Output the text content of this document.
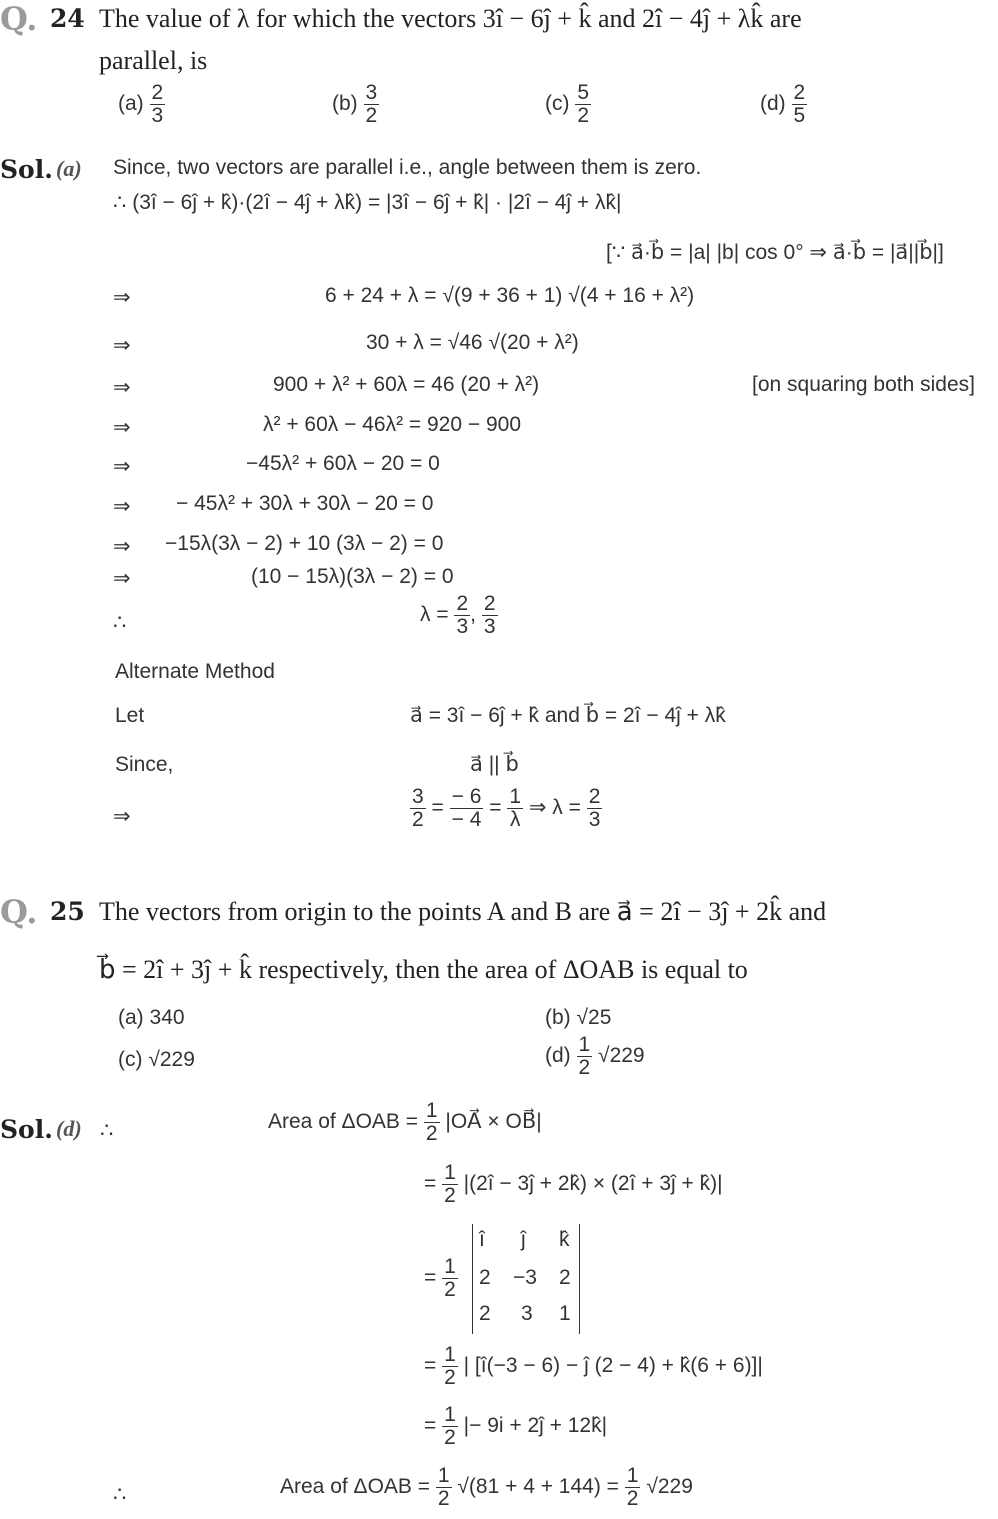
Q. 24 The value of λ for which the vectors 3î − 6ĵ + k̂ and 2î − 4ĵ + λk̂ are
parallel, is
$(a) \frac{2}{3}$	$(b) \frac{3}{2}$	$(c) \frac{5}{2}$	$(d) \frac{2}{5}$
Sol. (a) Since, two vectors are parallel i.e., angle between them is zero.
∴ (3î − 6ĵ + k̂)·(2î − 4ĵ + λk̂) = |3î − 6ĵ + k̂| · |2î − 4ĵ + λk̂|
[∵ a⃗·b⃗ = |a| |b| cos 0° ⇒ a⃗·b⃗ = |a⃗||b⃗|]
⇒	6 + 24 + λ = √(9 + 36 + 1) √(4 + 16 + λ²)
⇒	30 + λ = √46 √(20 + λ²)
⇒	900 + λ² + 60λ = 46 (20 + λ²)	[on squaring both sides]
⇒	λ² + 60λ − 46λ² = 920 − 900
⇒	−45λ² + 60λ − 20 = 0
⇒ − 45λ² + 30λ + 30λ − 20 = 0
⇒ −15λ(3λ − 2) + 10 (3λ − 2) = 0
⇒	(10 − 15λ)(3λ − 2) = 0
∴	$\lambda = \frac{2}{3}$ , $\frac{2}{3}$
Alternate Method
Let	a⃗ = 3î − 6ĵ + k̂ and b⃗ = 2î − 4ĵ + λk̂
Since,	a⃗ || b⃗
⇒	$\frac{3}{2} = \frac{- 6}{- 4} = \frac{1}{\lambda}$ ⇒ $\lambda = \frac{2}{3}$
Q. 25 The vectors from origin to the points A and B are a⃗ = 2î − 3ĵ + 2k̂ and
b⃗ = 2î + 3ĵ + k̂ respectively, then the area of ΔOAB is equal to
(a) 340	(b) √25
(c) √229	$(d) \frac{1}{2} √229$
Sol. (d) ∴	Area of $\Delta OAB = \frac{1}{2}$ |OA⃗ × OB⃗|
= $\frac{1}{2}$ |(2î − 3ĵ + 2k̂) × (2î + 3ĵ + k̂)|
= $\frac{1}{2}$
î ĵ k̂
2 −3 2
2 3 1
= $\frac{1}{2}$ | [î(−3 − 6) − ĵ (2 − 4) + k̂(6 + 6)]|
= $\frac{1}{2}$ |− 9i + 2ĵ + 12k̂|
∴	Area of $\Delta OAB = \frac{1}{2} √(81 + 4 + 144) = \frac{1}{2} √229$
